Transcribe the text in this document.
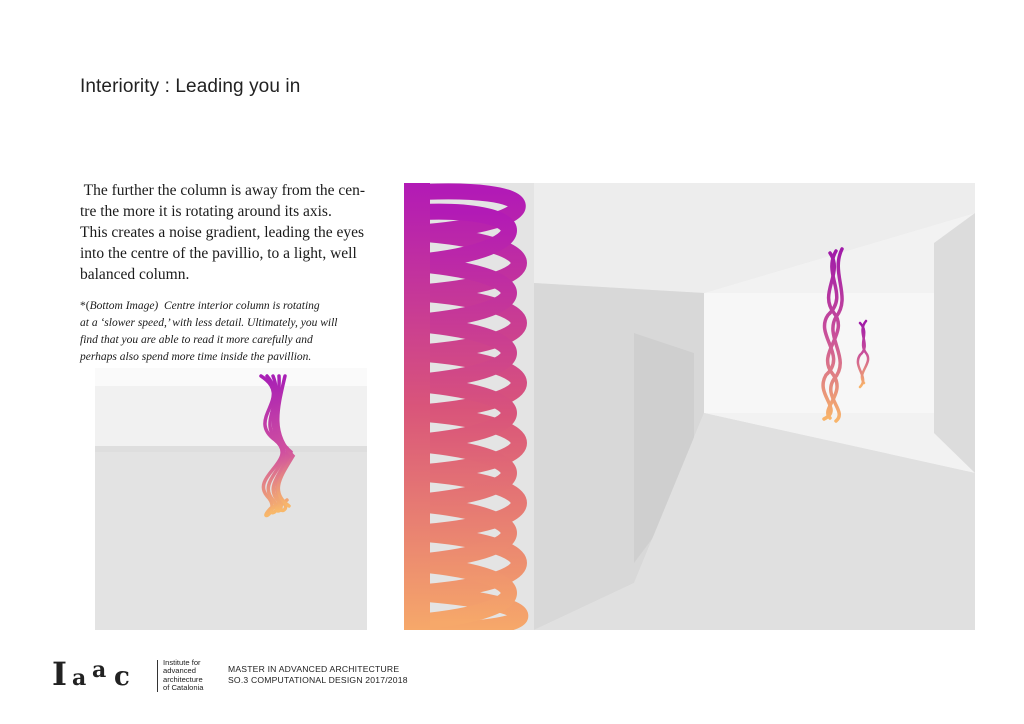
Interiority : Leading you in
The further the column is away from the cen-
tre the more it is rotating around its axis.
This creates a noise gradient, leading the eyes
into the centre of the pavillio, to a light, well
balanced column.
*(Bottom Image)  Centre interior column is rotating
at a ‘slower speed,’ with less detail. Ultimately, you will
find that you are able to read it more carefully and
perhaps also spend more time inside the pavillion.
I a a c	Institute for
advanced
architecture
of Catalonia
MASTER IN ADVANCED ARCHITECTURE
SO.3 COMPUTATIONAL DESIGN 2017/2018
